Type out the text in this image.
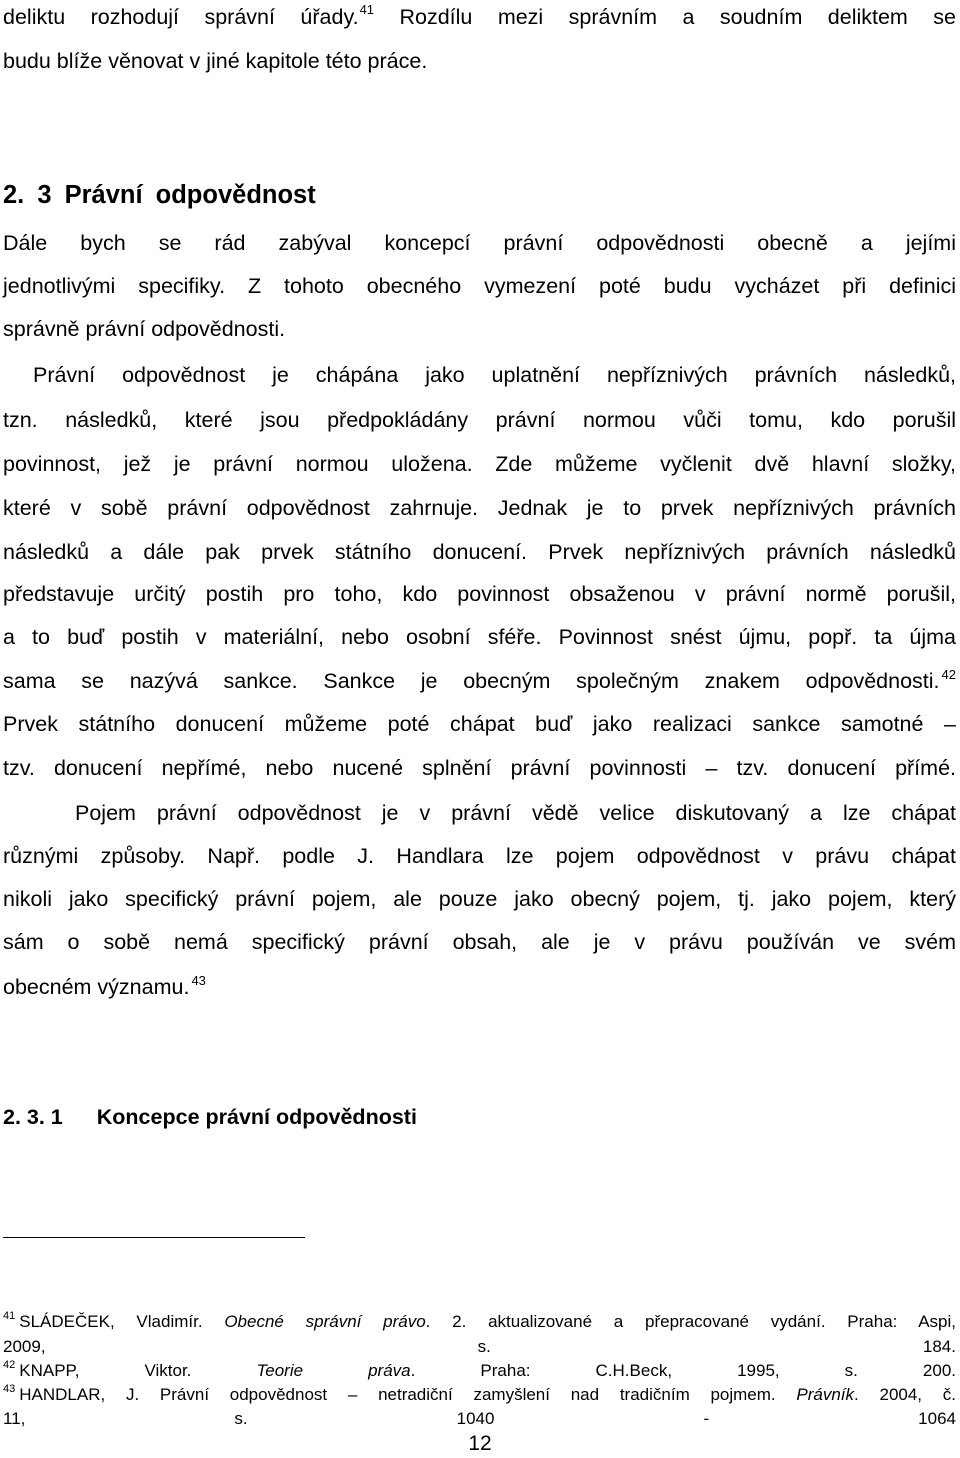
deliktu rozhodují správní úřady.$^{41}$ Rozdílu mezi správním a soudním deliktem se
budu blíže věnovat v jiné kapitole této práce.
2. 3 Právní odpovědnost
Dále bych se rád zabýval koncepcí právní odpovědnosti obecně a jejími
jednotlivými specifiky. Z tohoto obecného vymezení poté budu vycházet při definici
správně právní odpovědnosti.
Právní odpovědnost je chápána jako uplatnění nepříznivých právních následků,
tzn. následků, které jsou předpokládány právní normou vůči tomu, kdo porušil
povinnost, jež je právní normou uložena. Zde můžeme vyčlenit dvě hlavní složky,
které v sobě právní odpovědnost zahrnuje. Jednak je to prvek nepříznivých právních
následků a dále pak prvek státního donucení. Prvek nepříznivých právních následků
představuje určitý postih pro toho, kdo povinnost obsaženou v právní normě porušil,
a to buď postih v materiální, nebo osobní sféře. Povinnost snést újmu, popř. ta újma
sama se nazývá sankce. Sankce je obecným společným znakem odpovědnosti. $^{42}$
Prvek státního donucení můžeme poté chápat buď jako realizaci sankce samotné –
tzv. donucení nepřímé, nebo nucené splnění právní povinnosti – tzv. donucení přímé.
Pojem právní odpovědnost je v právní vědě velice diskutovaný a lze chápat
různými způsoby. Např. podle J. Handlara lze pojem odpovědnost v právu chápat
nikoli jako specifický právní pojem, ale pouze jako obecný pojem, tj. jako pojem, který
sám o sobě nemá specifický právní obsah, ale je v právu používán ve svém
obecném významu. $^{43}$
2. 3. 1 Koncepce právní odpovědnosti
$^{41}$ SLÁDEČEK, Vladimír. Obecné správní právo. 2. aktualizované a přepracované vydání. Praha: Aspi,
2009, s. 184.
$^{42}$ KNAPP, Viktor. Teorie práva. Praha: C.H.Beck, 1995, s. 200.
$^{43}$ HANDLAR, J. Právní odpovědnost – netradiční zamyšlení nad tradičním pojmem. Právník. 2004, č.
11, s. 1040 - 1064
12
